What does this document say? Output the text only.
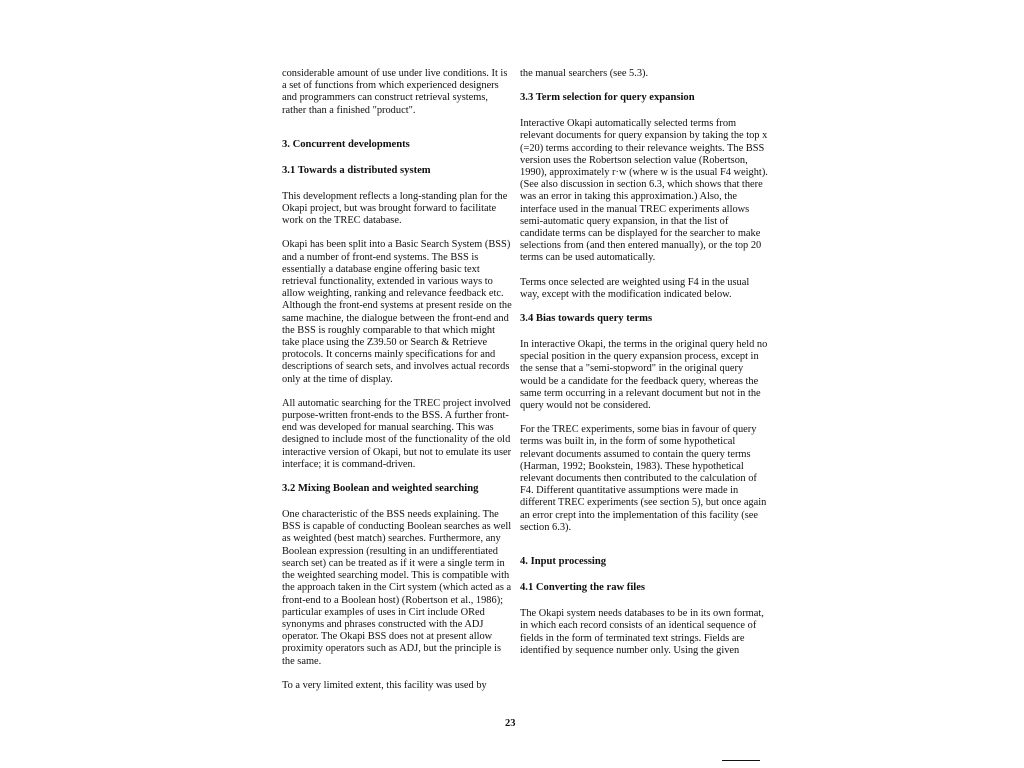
considerable amount of use under live conditions. It is a set of functions from which experienced designers and programmers can construct retrieval systems, rather than a finished "product".

3. Concurrent developments
3.1 Towards a distributed system

This development reflects a long-standing plan for the Okapi project, but was brought forward to facilitate work on the TREC database.

Okapi has been split into a Basic Search System (BSS) and a number of front-end systems. The BSS is essentially a database engine offering basic text retrieval functionality, extended in various ways to allow weighting, ranking and relevance feedback etc. Although the front-end systems at present reside on the same machine, the dialogue between the front-end and the BSS is roughly comparable to that which might take place using the Z39.50 or Search & Retrieve protocols. It concerns mainly specifications for and descriptions of search sets, and involves actual records only at the time of display.

All automatic searching for the TREC project involved purpose-written front-ends to the BSS. A further front-end was developed for manual searching. This was designed to include most of the functionality of the old interactive version of Okapi, but not to emulate its user interface; it is command-driven.

3.2 Mixing Boolean and weighted searching

One characteristic of the BSS needs explaining. The BSS is capable of conducting Boolean searches as well as weighted (best match) searches. Furthermore, any Boolean expression (resulting in an undifferentiated search set) can be treated as if it were a single term in the weighted searching model. This is compatible with the approach taken in the Cirt system (which acted as a front-end to a Boolean host) (Robertson et al., 1986); particular examples of uses in Cirt include ORed synonyms and phrases constructed with the ADJ operator. The Okapi BSS does not at present allow proximity operators such as ADJ, but the principle is the same.

To a very limited extent, this facility was used by

the manual searchers (see 5.3).

3.3 Term selection for query expansion

Interactive Okapi automatically selected terms from relevant documents for query expansion by taking the top x (=20) terms according to their relevance weights. The BSS version uses the Robertson selection value (Robertson, 1990), approximately r·w (where w is the usual F4 weight). (See also discussion in section 6.3, which shows that there was an error in taking this approximation.) Also, the interface used in the manual TREC experiments allows semi-automatic query expansion, in that the list of candidate terms can be displayed for the searcher to make selections from (and then entered manually), or the top 20 terms can be used automatically.

Terms once selected are weighted using F4 in the usual way, except with the modification indicated below.

3.4 Bias towards query terms

In interactive Okapi, the terms in the original query held no special position in the query expansion process, except in the sense that a "semi-stopword" in the original query would be a candidate for the feedback query, whereas the same term occurring in a relevant document but not in the query would not be considered.

For the TREC experiments, some bias in favour of query terms was built in, in the form of some hypothetical relevant documents assumed to contain the query terms (Harman, 1992; Bookstein, 1983). These hypothetical relevant documents then contributed to the calculation of F4. Different quantitative assumptions were made in different TREC experiments (see section 5), but once again an error crept into the implementation of this facility (see section 6.3).

4. Input processing
4.1 Converting the raw files

The Okapi system needs databases to be in its own format, in which each record consists of an identical sequence of fields in the form of terminated text strings. Fields are identified by sequence number only. Using the given

23
